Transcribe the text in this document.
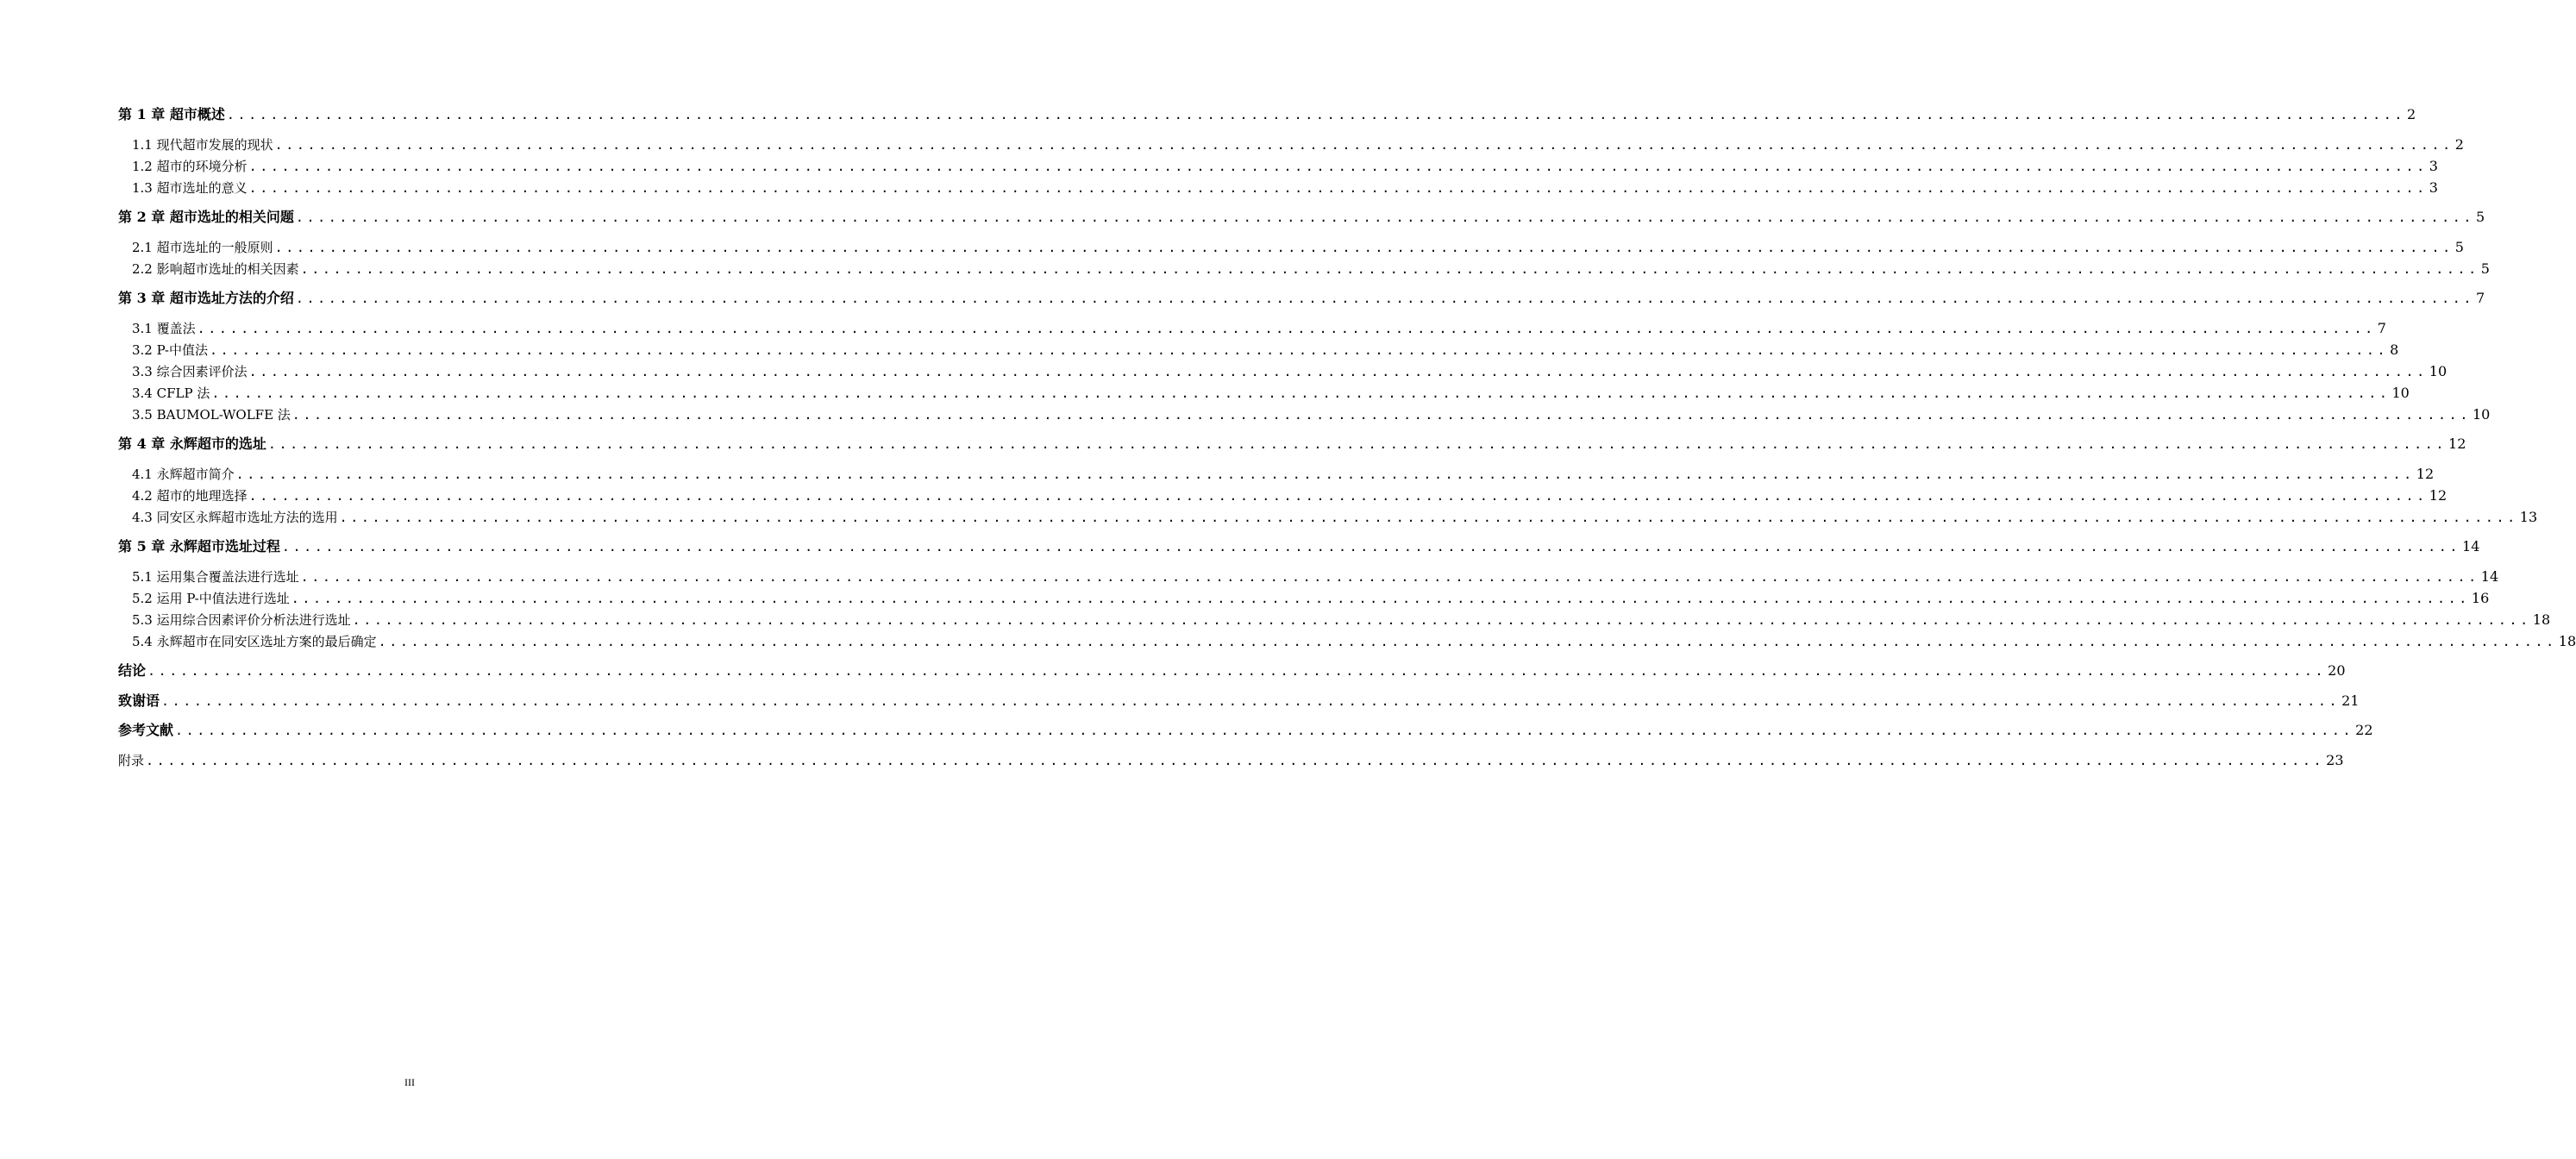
第 1 章 超市概述 ........................................................................................................................................................................................................ 2
1.1 现代超市发展的现状 ........................................................................................................................................................................................................ 2
1.2 超市的环境分析 ........................................................................................................................................................................................................ 3
1.3 超市选址的意义 ........................................................................................................................................................................................................ 3
第 2 章 超市选址的相关问题 ........................................................................................................................................................................................................ 5
2.1 超市选址的一般原则 ........................................................................................................................................................................................................ 5
2.2 影响超市选址的相关因素 ........................................................................................................................................................................................................ 5
第 3 章 超市选址方法的介绍 ........................................................................................................................................................................................................ 7
3.1 覆盖法 ........................................................................................................................................................................................................ 7
3.2 P-中值法 ........................................................................................................................................................................................................ 8
3.3 综合因素评价法 ........................................................................................................................................................................................................ 10
3.4 CFLP 法 ........................................................................................................................................................................................................ 10
3.5 BAUMOL-WOLFE 法 ........................................................................................................................................................................................................ 10
第 4 章 永辉超市的选址 ........................................................................................................................................................................................................ 12
4.1 永辉超市简介 ........................................................................................................................................................................................................ 12
4.2 超市的地理选择 ........................................................................................................................................................................................................ 12
4.3 同安区永辉超市选址方法的选用 ........................................................................................................................................................................................................ 13
第 5 章 永辉超市选址过程 ........................................................................................................................................................................................................ 14
5.1 运用集合覆盖法进行选址 ........................................................................................................................................................................................................ 14
5.2 运用 P-中值法进行选址 ........................................................................................................................................................................................................ 16
5.3 运用综合因素评价分析法进行选址 ........................................................................................................................................................................................................ 18
5.4 永辉超市在同安区选址方案的最后确定 ........................................................................................................................................................................................................ 18
结论 ........................................................................................................................................................................................................ 20
致谢语 ........................................................................................................................................................................................................ 21
参考文献 ........................................................................................................................................................................................................ 22
附录 ........................................................................................................................................................................................................ 23
III
